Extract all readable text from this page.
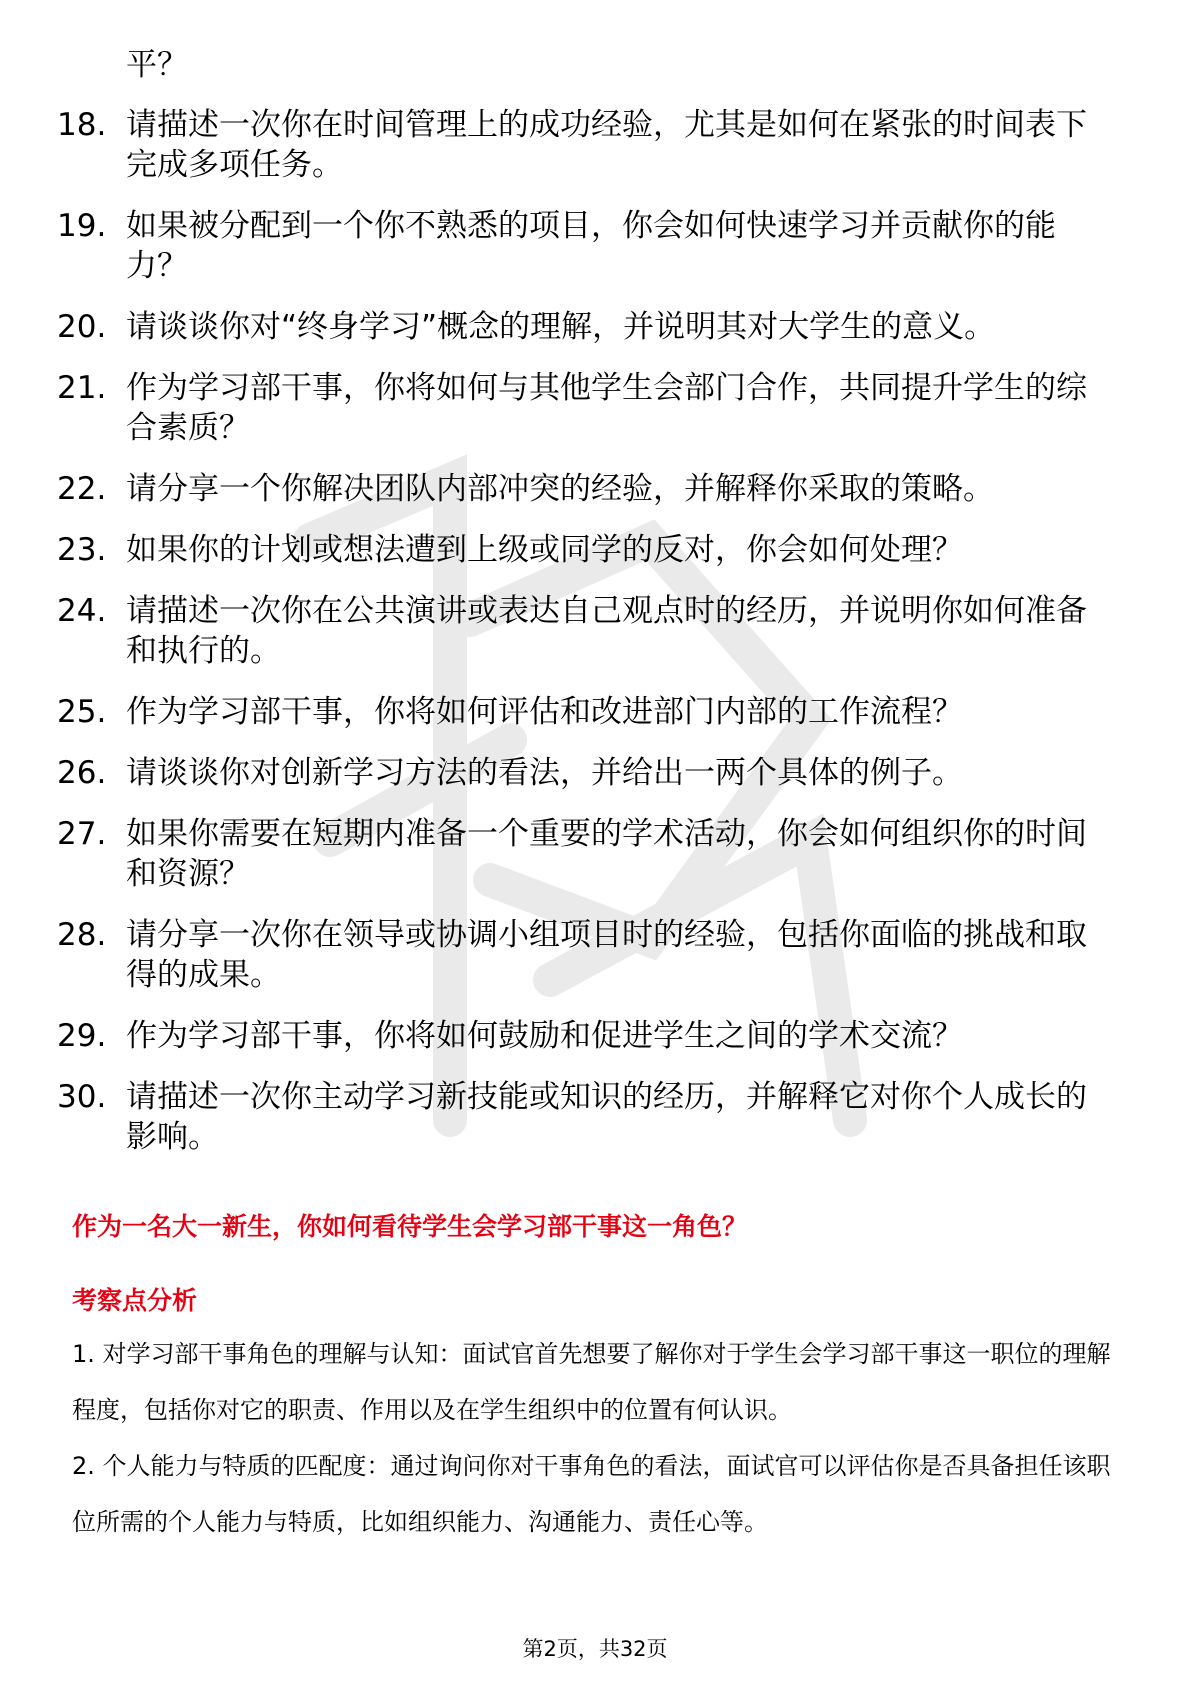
平？
18. 请描述一次你在时间管理上的成功经验，尤其是如何在紧张的时间表下完成多项任务。
19. 如果被分配到一个你不熟悉的项目，你会如何快速学习并贡献你的能力？
20. 请谈谈你对“终身学习”概念的理解，并说明其对大学生的意义。
21. 作为学习部干事，你将如何与其他学生会部门合作，共同提升学生的综合素质？
22. 请分享一个你解决团队内部冲突的经验，并解释你采取的策略。
23. 如果你的计划或想法遭到上级或同学的反对，你会如何处理？
24. 请描述一次你在公共演讲或表达自己观点时的经历，并说明你如何准备和执行的。
25. 作为学习部干事，你将如何评估和改进部门内部的工作流程？
26. 请谈谈你对创新学习方法的看法，并给出一两个具体的例子。
27. 如果你需要在短期内准备一个重要的学术活动，你会如何组织你的时间和资源？
28. 请分享一次你在领导或协调小组项目时的经验，包括你面临的挑战和取得的成果。
29. 作为学习部干事，你将如何鼓励和促进学生之间的学术交流？
30. 请描述一次你主动学习新技能或知识的经历，并解释它对你个人成长的影响。
作为一名大一新生，你如何看待学生会学习部干事这一角色？
考察点分析
1. 对学习部干事角色的理解与认知：面试官首先想要了解你对于学生会学习部干事这一职位的理解程度，包括你对它的职责、作用以及在学生组织中的位置有何认识。
2. 个人能力与特质的匹配度：通过询问你对干事角色的看法，面试官可以评估你是否具备担任该职位所需的个人能力与特质，比如组织能力、沟通能力、责任心等。
第2页，共32页
